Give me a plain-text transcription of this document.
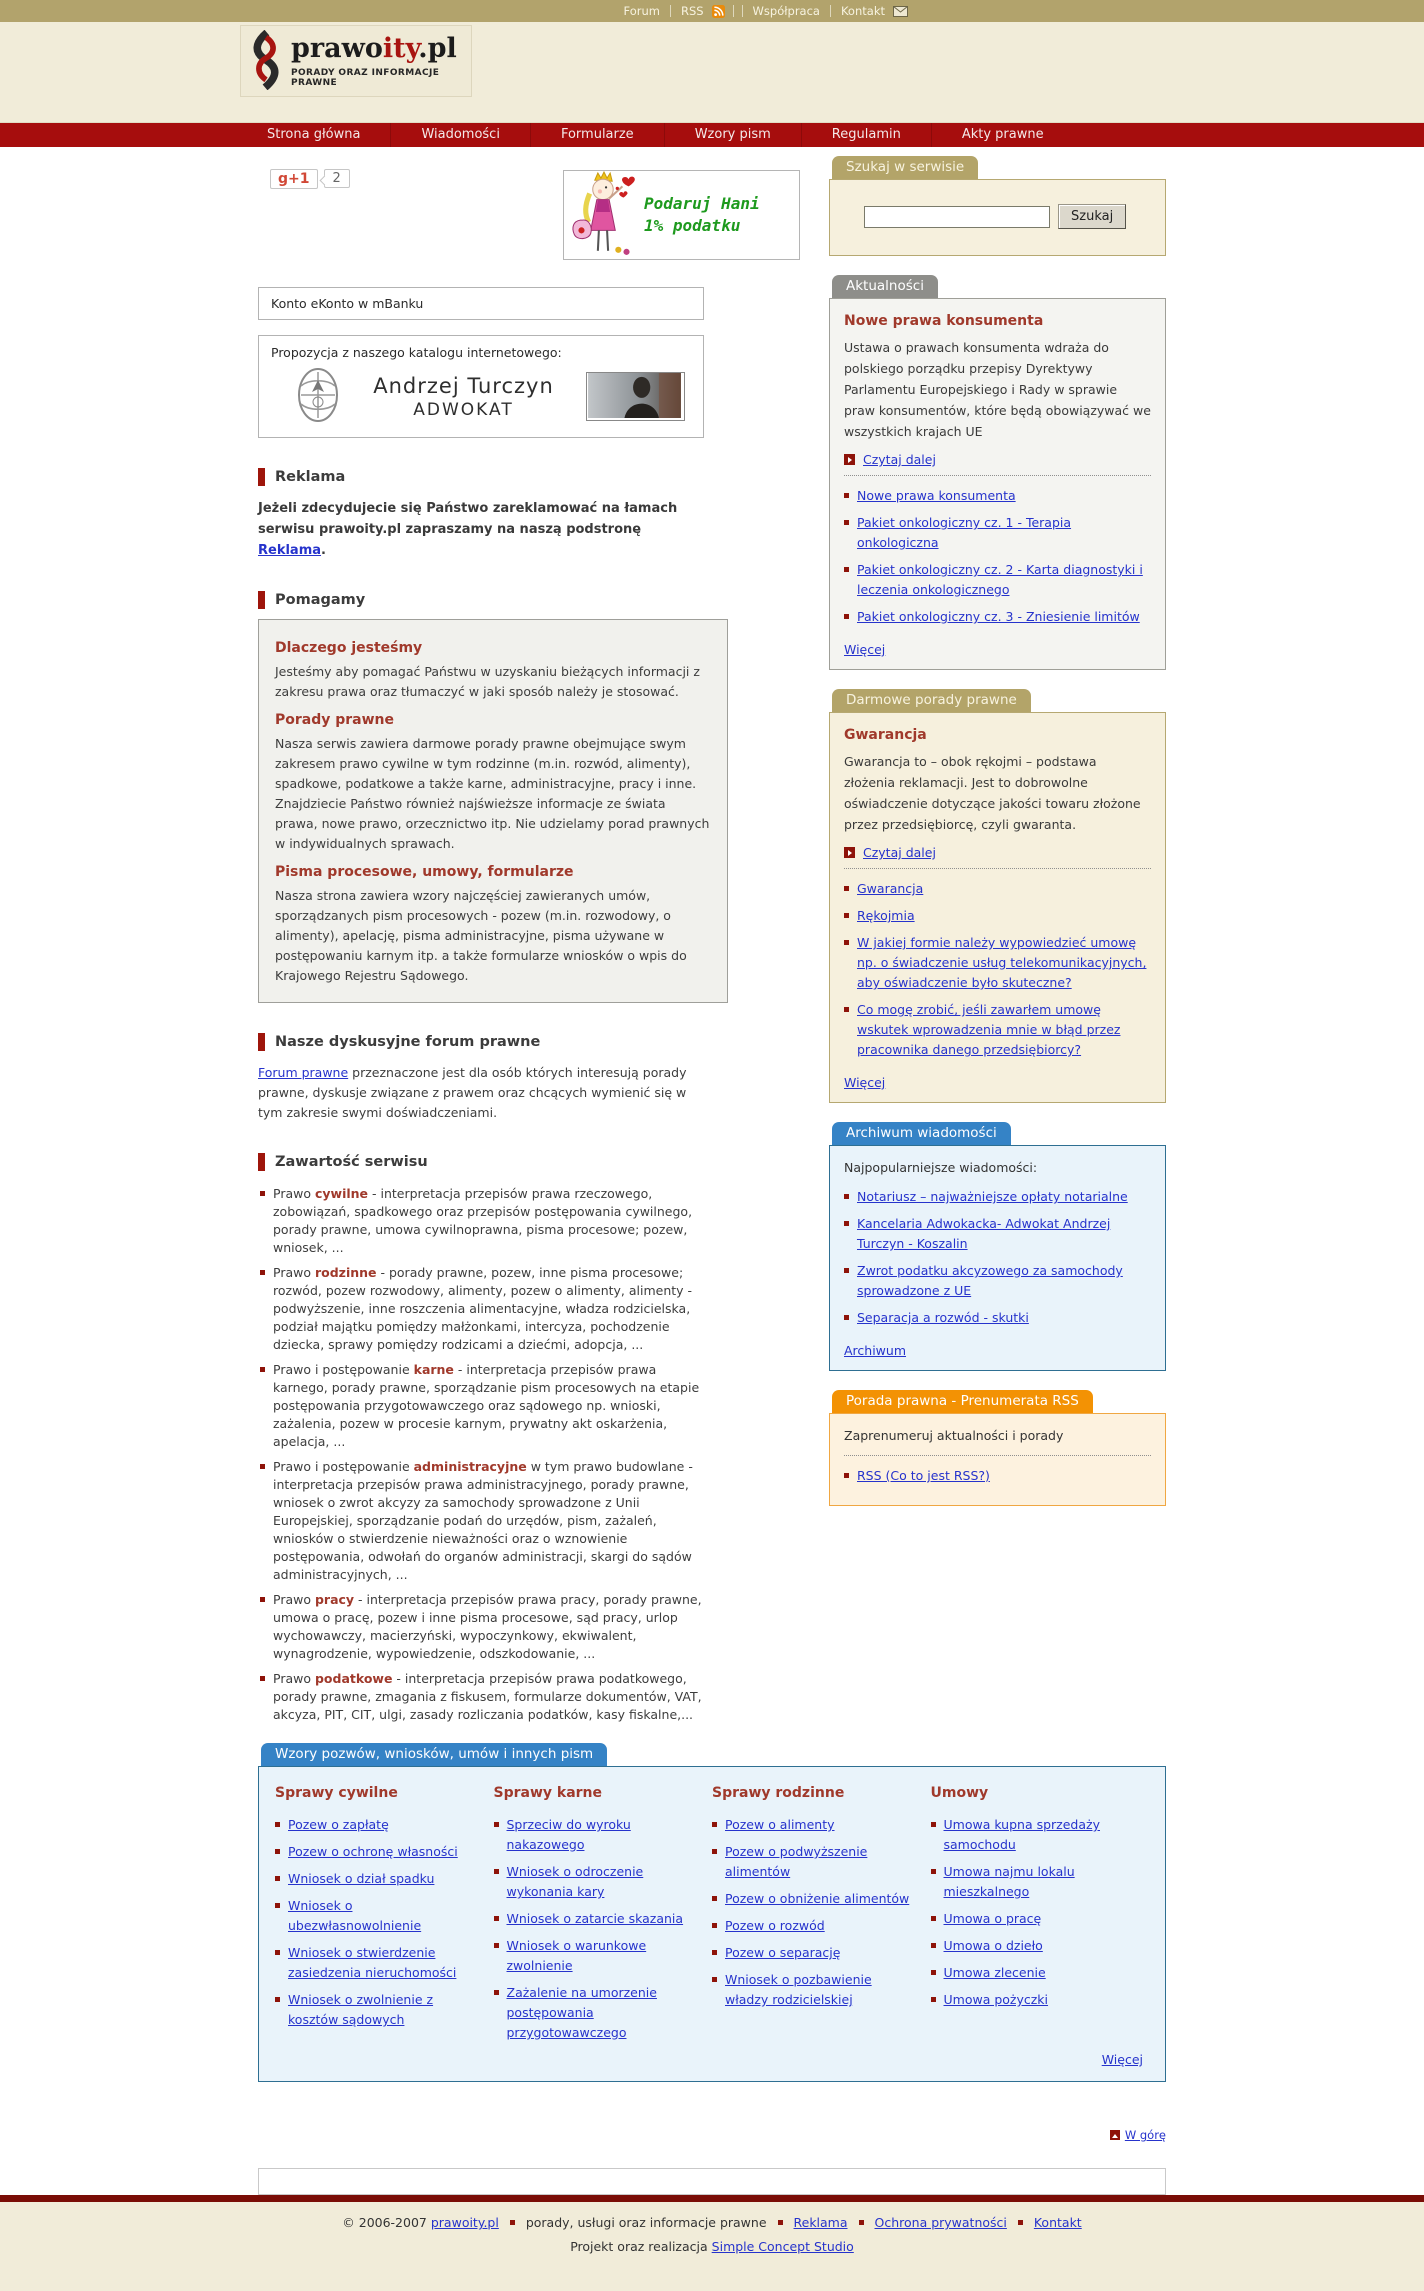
Forum RSS	Współpraca Kontakt
prawoity.pl
PORADY ORAZ INFORMACJE PRAWNE
Strona główna	Wiadomości	Formularze	Wzory pism	Regulamin	Akty prawne
g+1	2
Podaruj Hani
1% podatku
Konto eKonto w mBanku
Propozycja z naszego katalogu internetowego:
Andrzej Turczyn
ADWOKAT
Reklama

Jeżeli zdecydujecie się Państwo zareklamować na łamach serwisu prawoity.pl zapraszamy na naszą podstronę Reklama.

Pomagamy
Dlaczego jesteśmy

Jesteśmy aby pomagać Państwu w uzyskaniu bieżących informacji z zakresu prawa oraz tłumaczyć w jaki sposób należy je stosować.

Porady prawne

Nasza serwis zawiera darmowe porady prawne obejmujące swym zakresem prawo cywilne w tym rodzinne (m.in. rozwód, alimenty), spadkowe, podatkowe a także karne, administracyjne, pracy i inne. Znajdziecie Państwo również najświeższe informacje ze świata prawa, nowe prawo, orzecznictwo itp. Nie udzielamy porad prawnych w indywidualnych sprawach.

Pisma procesowe, umowy, formularze

Nasza strona zawiera wzory najczęściej zawieranych umów, sporządzanych pism procesowych - pozew (m.in. rozwodowy, o alimenty), apelację, pisma administracyjne, pisma używane w postępowaniu karnym itp. a także formularze wniosków o wpis do Krajowego Rejestru Sądowego.

Nasze dyskusyjne forum prawne

Forum prawne przeznaczone jest dla osób których interesują porady prawne, dyskusje związane z prawem oraz chcących wymienić się w tym zakresie swymi doświadczeniami.

Zawartość serwisu
Prawo cywilne - interpretacja przepisów prawa rzeczowego, zobowiązań, spadkowego oraz przepisów postępowania cywilnego, porady prawne, umowa cywilnoprawna, pisma procesowe; pozew, wniosek, ...
Prawo rodzinne - porady prawne, pozew, inne pisma procesowe; rozwód, pozew rozwodowy, alimenty, pozew o alimenty, alimenty - podwyższenie, inne roszczenia alimentacyjne, władza rodzicielska, podział majątku pomiędzy małżonkami, intercyza, pochodzenie dziecka, sprawy pomiędzy rodzicami a dziećmi, adopcja, ...
Prawo i postępowanie karne - interpretacja przepisów prawa karnego, porady prawne, sporządzanie pism procesowych na etapie postępowania przygotowawczego oraz sądowego np. wnioski, zażalenia, pozew w procesie karnym, prywatny akt oskarżenia, apelacja, ...
Prawo i postępowanie administracyjne w tym prawo budowlane - interpretacja przepisów prawa administracyjnego, porady prawne, wniosek o zwrot akcyzy za samochody sprowadzone z Unii Europejskiej, sporządzanie podań do urzędów, pism, zażaleń, wniosków o stwierdzenie nieważności oraz o wznowienie postępowania, odwołań do organów administracji, skargi do sądów administracyjnych, ...
Prawo pracy - interpretacja przepisów prawa pracy, porady prawne, umowa o pracę, pozew i inne pisma procesowe, sąd pracy, urlop wychowawczy, macierzyński, wypoczynkowy, ekwiwalent, wynagrodzenie, wypowiedzenie, odszkodowanie, ...
Prawo podatkowe - interpretacja przepisów prawa podatkowego, porady prawne, zmagania z fiskusem, formularze dokumentów, VAT, akcyza, PIT, CIT, ulgi, zasady rozliczania podatków, kasy fiskalne,...
Szukaj w serwisie
Szukaj
Aktualności
Nowe prawa konsumenta

Ustawa o prawach konsumenta wdraża do polskiego porządku przepisy Dyrektywy Parlamentu Europejskiego i Rady w sprawie praw konsumentów, które będą obowiązywać we wszystkich krajach UE

Czytaj dalej
Nowe prawa konsumenta
Pakiet onkologiczny cz. 1 - Terapia onkologiczna
Pakiet onkologiczny cz. 2 - Karta diagnostyki i leczenia onkologicznego
Pakiet onkologiczny cz. 3 - Zniesienie limitów
Więcej
Darmowe porady prawne
Gwarancja

Gwarancja to – obok rękojmi – podstawa złożenia reklamacji. Jest to dobrowolne oświadczenie dotyczące jakości towaru złożone przez przedsiębiorcę, czyli gwaranta.

Czytaj dalej
Gwarancja
Rękojmia
W jakiej formie należy wypowiedzieć umowę np. o świadczenie usług telekomunikacyjnych, aby oświadczenie było skuteczne?
Co mogę zrobić, jeśli zawarłem umowę wskutek wprowadzenia mnie w błąd przez pracownika danego przedsiębiorcy?
Więcej
Archiwum wiadomości
Najpopularniejsze wiadomości:
Notariusz – najważniejsze opłaty notarialne
Kancelaria Adwokacka- Adwokat Andrzej Turczyn - Koszalin
Zwrot podatku akcyzowego za samochody sprowadzone z UE
Separacja a rozwód - skutki
Archiwum
Porada prawna - Prenumerata RSS
Zaprenumeruj aktualności i porady
RSS (Co to jest RSS?)
Wzory pozwów, wniosków, umów i innych pism
Sprawy cywilne
Pozew o zapłatę
Pozew o ochronę własności
Wniosek o dział spadku
Wniosek o ubezwłasnowolnienie
Wniosek o stwierdzenie zasiedzenia nieruchomości
Wniosek o zwolnienie z kosztów sądowych
Sprawy karne
Sprzeciw do wyroku nakazowego
Wniosek o odroczenie wykonania kary
Wniosek o zatarcie skazania
Wniosek o warunkowe zwolnienie
Zażalenie na umorzenie postępowania przygotowawczego
Sprawy rodzinne
Pozew o alimenty
Pozew o podwyższenie alimentów
Pozew o obniżenie alimentów
Pozew o rozwód
Pozew o separację
Wniosek o pozbawienie władzy rodzicielskiej
Umowy
Umowa kupna sprzedaży samochodu
Umowa najmu lokalu mieszkalnego
Umowa o pracę
Umowa o dzieło
Umowa zlecenie
Umowa pożyczki
Więcej
W górę
© 2006-2007 prawoity.pl porady, usługi oraz informacje prawne Reklama Ochrona prywatności Kontakt
Projekt oraz realizacja Simple Concept Studio
